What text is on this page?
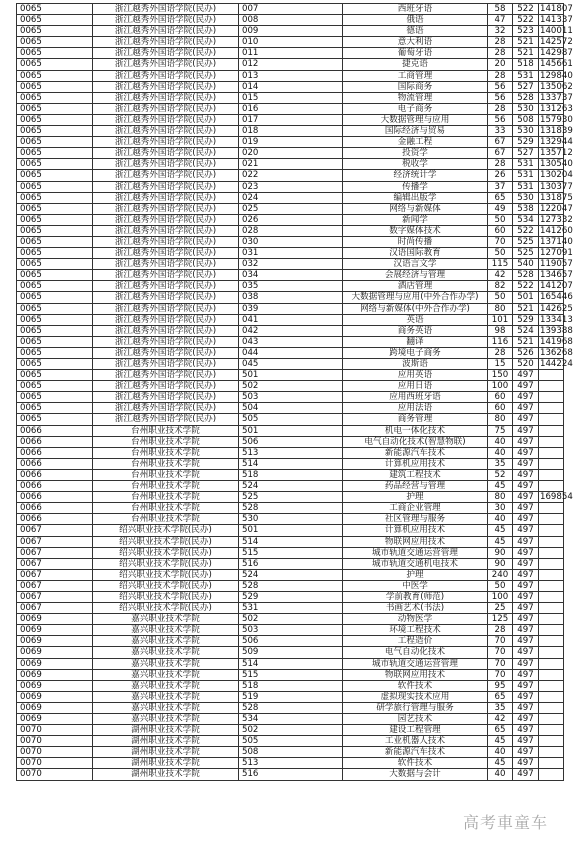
0065	浙江越秀外国语学院(民办)	007	西班牙语	58	522	141807
0065	浙江越秀外国语学院(民办)	008	俄语	47	522	141337
0065	浙江越秀外国语学院(民办)	009	德语	32	523	140011
0065	浙江越秀外国语学院(民办)	010	意大利语	28	521	142572
0065	浙江越秀外国语学院(民办)	011	葡萄牙语	28	521	142987
0065	浙江越秀外国语学院(民办)	012	捷克语	20	518	145661
0065	浙江越秀外国语学院(民办)	013	工商管理	28	531	129840
0065	浙江越秀外国语学院(民办)	014	国际商务	56	527	135062
0065	浙江越秀外国语学院(民办)	015	物流管理	56	528	133737
0065	浙江越秀外国语学院(民办)	016	电子商务	28	530	131263
0065	浙江越秀外国语学院(民办)	017	大数据管理与应用	56	508	157930
0065	浙江越秀外国语学院(民办)	018	国际经济与贸易	33	530	131839
0065	浙江越秀外国语学院(民办)	019	金融工程	67	529	132944
0065	浙江越秀外国语学院(民办)	020	投资学	67	527	135712
0065	浙江越秀外国语学院(民办)	021	税收学	28	531	130540
0065	浙江越秀外国语学院(民办)	022	经济统计学	26	531	130204
0065	浙江越秀外国语学院(民办)	023	传播学	37	531	130377
0065	浙江越秀外国语学院(民办)	024	编辑出版学	65	530	131875
0065	浙江越秀外国语学院(民办)	025	网络与新媒体	49	538	122047
0065	浙江越秀外国语学院(民办)	026	新闻学	50	534	127332
0065	浙江越秀外国语学院(民办)	028	数字媒体技术	60	522	141260
0065	浙江越秀外国语学院(民办)	030	时尚传播	70	525	137140
0065	浙江越秀外国语学院(民办)	031	汉语国际教育	50	525	127091
0065	浙江越秀外国语学院(民办)	032	汉语言文学	115	540	119057
0065	浙江越秀外国语学院(民办)	034	会展经济与管理	42	528	134657
0065	浙江越秀外国语学院(民办)	035	酒店管理	82	522	141207
0065	浙江越秀外国语学院(民办)	038	大数据管理与应用(中外合作办学)	50	501	165446
0065	浙江越秀外国语学院(民办)	039	网络与新媒体(中外合作办学)	80	521	142625
0065	浙江越秀外国语学院(民办)	041	英语	101	529	133413
0065	浙江越秀外国语学院(民办)	042	商务英语	98	524	139388
0065	浙江越秀外国语学院(民办)	043	翻译	116	521	141968
0065	浙江越秀外国语学院(民办)	044	跨境电子商务	28	526	136268
0065	浙江越秀外国语学院(民办)	045	波斯语	15	520	144224
0065	浙江越秀外国语学院(民办)	501	应用英语	150	497	
0065	浙江越秀外国语学院(民办)	502	应用日语	100	497	
0065	浙江越秀外国语学院(民办)	503	应用西班牙语	60	497	
0065	浙江越秀外国语学院(民办)	504	应用法语	60	497	
0065	浙江越秀外国语学院(民办)	505	商务管理	80	497	
0066	台州职业技术学院	501	机电一体化技术	75	497	
0066	台州职业技术学院	506	电气自动化技术(智慧物联)	40	497	
0066	台州职业技术学院	513	新能源汽车技术	40	497	
0066	台州职业技术学院	514	计算机应用技术	35	497	
0066	台州职业技术学院	518	建筑工程技术	52	497	
0066	台州职业技术学院	524	药品经营与管理	45	497	
0066	台州职业技术学院	525	护理	80	497	169854
0066	台州职业技术学院	528	工商企业管理	30	497	
0066	台州职业技术学院	530	社区管理与服务	40	497	
0067	绍兴职业技术学院(民办)	501	计算机应用技术	45	497	
0067	绍兴职业技术学院(民办)	514	物联网应用技术	45	497	
0067	绍兴职业技术学院(民办)	515	城市轨道交通运营管理	90	497	
0067	绍兴职业技术学院(民办)	516	城市轨道交通机电技术	90	497	
0067	绍兴职业技术学院(民办)	524	护理	240	497	
0067	绍兴职业技术学院(民办)	528	中医学	50	497	
0067	绍兴职业技术学院(民办)	529	学前教育(师范)	100	497	
0067	绍兴职业技术学院(民办)	531	书画艺术(书法)	25	497	
0069	嘉兴职业技术学院	502	动物医学	125	497	
0069	嘉兴职业技术学院	503	环境工程技术	28	497	
0069	嘉兴职业技术学院	506	工程造价	70	497	
0069	嘉兴职业技术学院	509	电气自动化技术	70	497	
0069	嘉兴职业技术学院	514	城市轨道交通运营管理	70	497	
0069	嘉兴职业技术学院	515	物联网应用技术	70	497	
0069	嘉兴职业技术学院	518	软件技术	95	497	
0069	嘉兴职业技术学院	519	虚拟现实技术应用	65	497	
0069	嘉兴职业技术学院	528	研学旅行管理与服务	35	497	
0069	嘉兴职业技术学院	534	园艺技术	42	497	
0070	湖州职业技术学院	502	建设工程管理	65	497	
0070	湖州职业技术学院	505	工业机器人技术	45	497	
0070	湖州职业技术学院	508	新能源汽车技术	40	497	
0070	湖州职业技术学院	513	软件技术	45	497	
0070	湖州职业技术学院	516	大数据与会计	40	497	
高考車童车
